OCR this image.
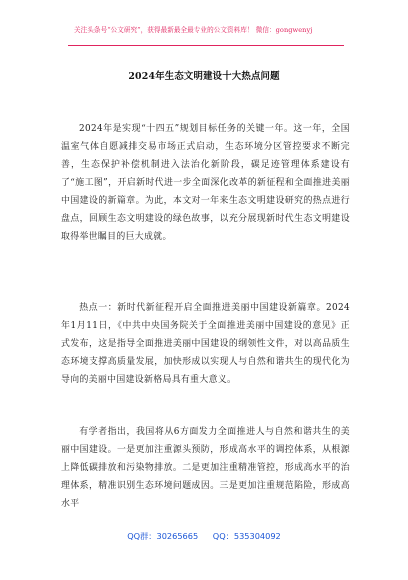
关注头条号“公文研究”，获得最新最全最专业的公文资料库！ 微信：gongwenyj
2024年生态文明建设十大热点问题

2024年是实现“十四五”规划目标任务的关键一年。这一年，全国温室气体自愿减排交易市场正式启动，生态环境分区管控要求不断完善，生态保护补偿机制进入法治化新阶段，碳足迹管理体系建设有了“施工图”，开启新时代进一步全面深化改革的新征程和全面推进美丽中国建设的新篇章。为此，本文对一年来生态文明建设研究的热点进行盘点，回顾生态文明建设的绿色故事，以充分展现新时代生态文明建设取得举世瞩目的巨大成就。

热点一：新时代新征程开启全面推进美丽中国建设新篇章。2024年1月11日，《中共中央国务院关于全面推进美丽中国建设的意见》正式发布，这是指导全面推进美丽中国建设的纲领性文件，对以高品质生态环境支撑高质量发展，加快形成以实现人与自然和谐共生的现代化为导向的美丽中国建设新格局具有重大意义。

有学者指出，我国将从6方面发力全面推进人与自然和谐共生的美丽中国建设。一是更加注重源头预防，形成高水平的调控体系，从根源上降低碳排放和污染物排放。二是更加注重精准管控，形成高水平的治理体系，精准识别生态环境问题成因。三是更加注重规范陷险，形成高水平

QQ群：30265665 QQ：535304092
